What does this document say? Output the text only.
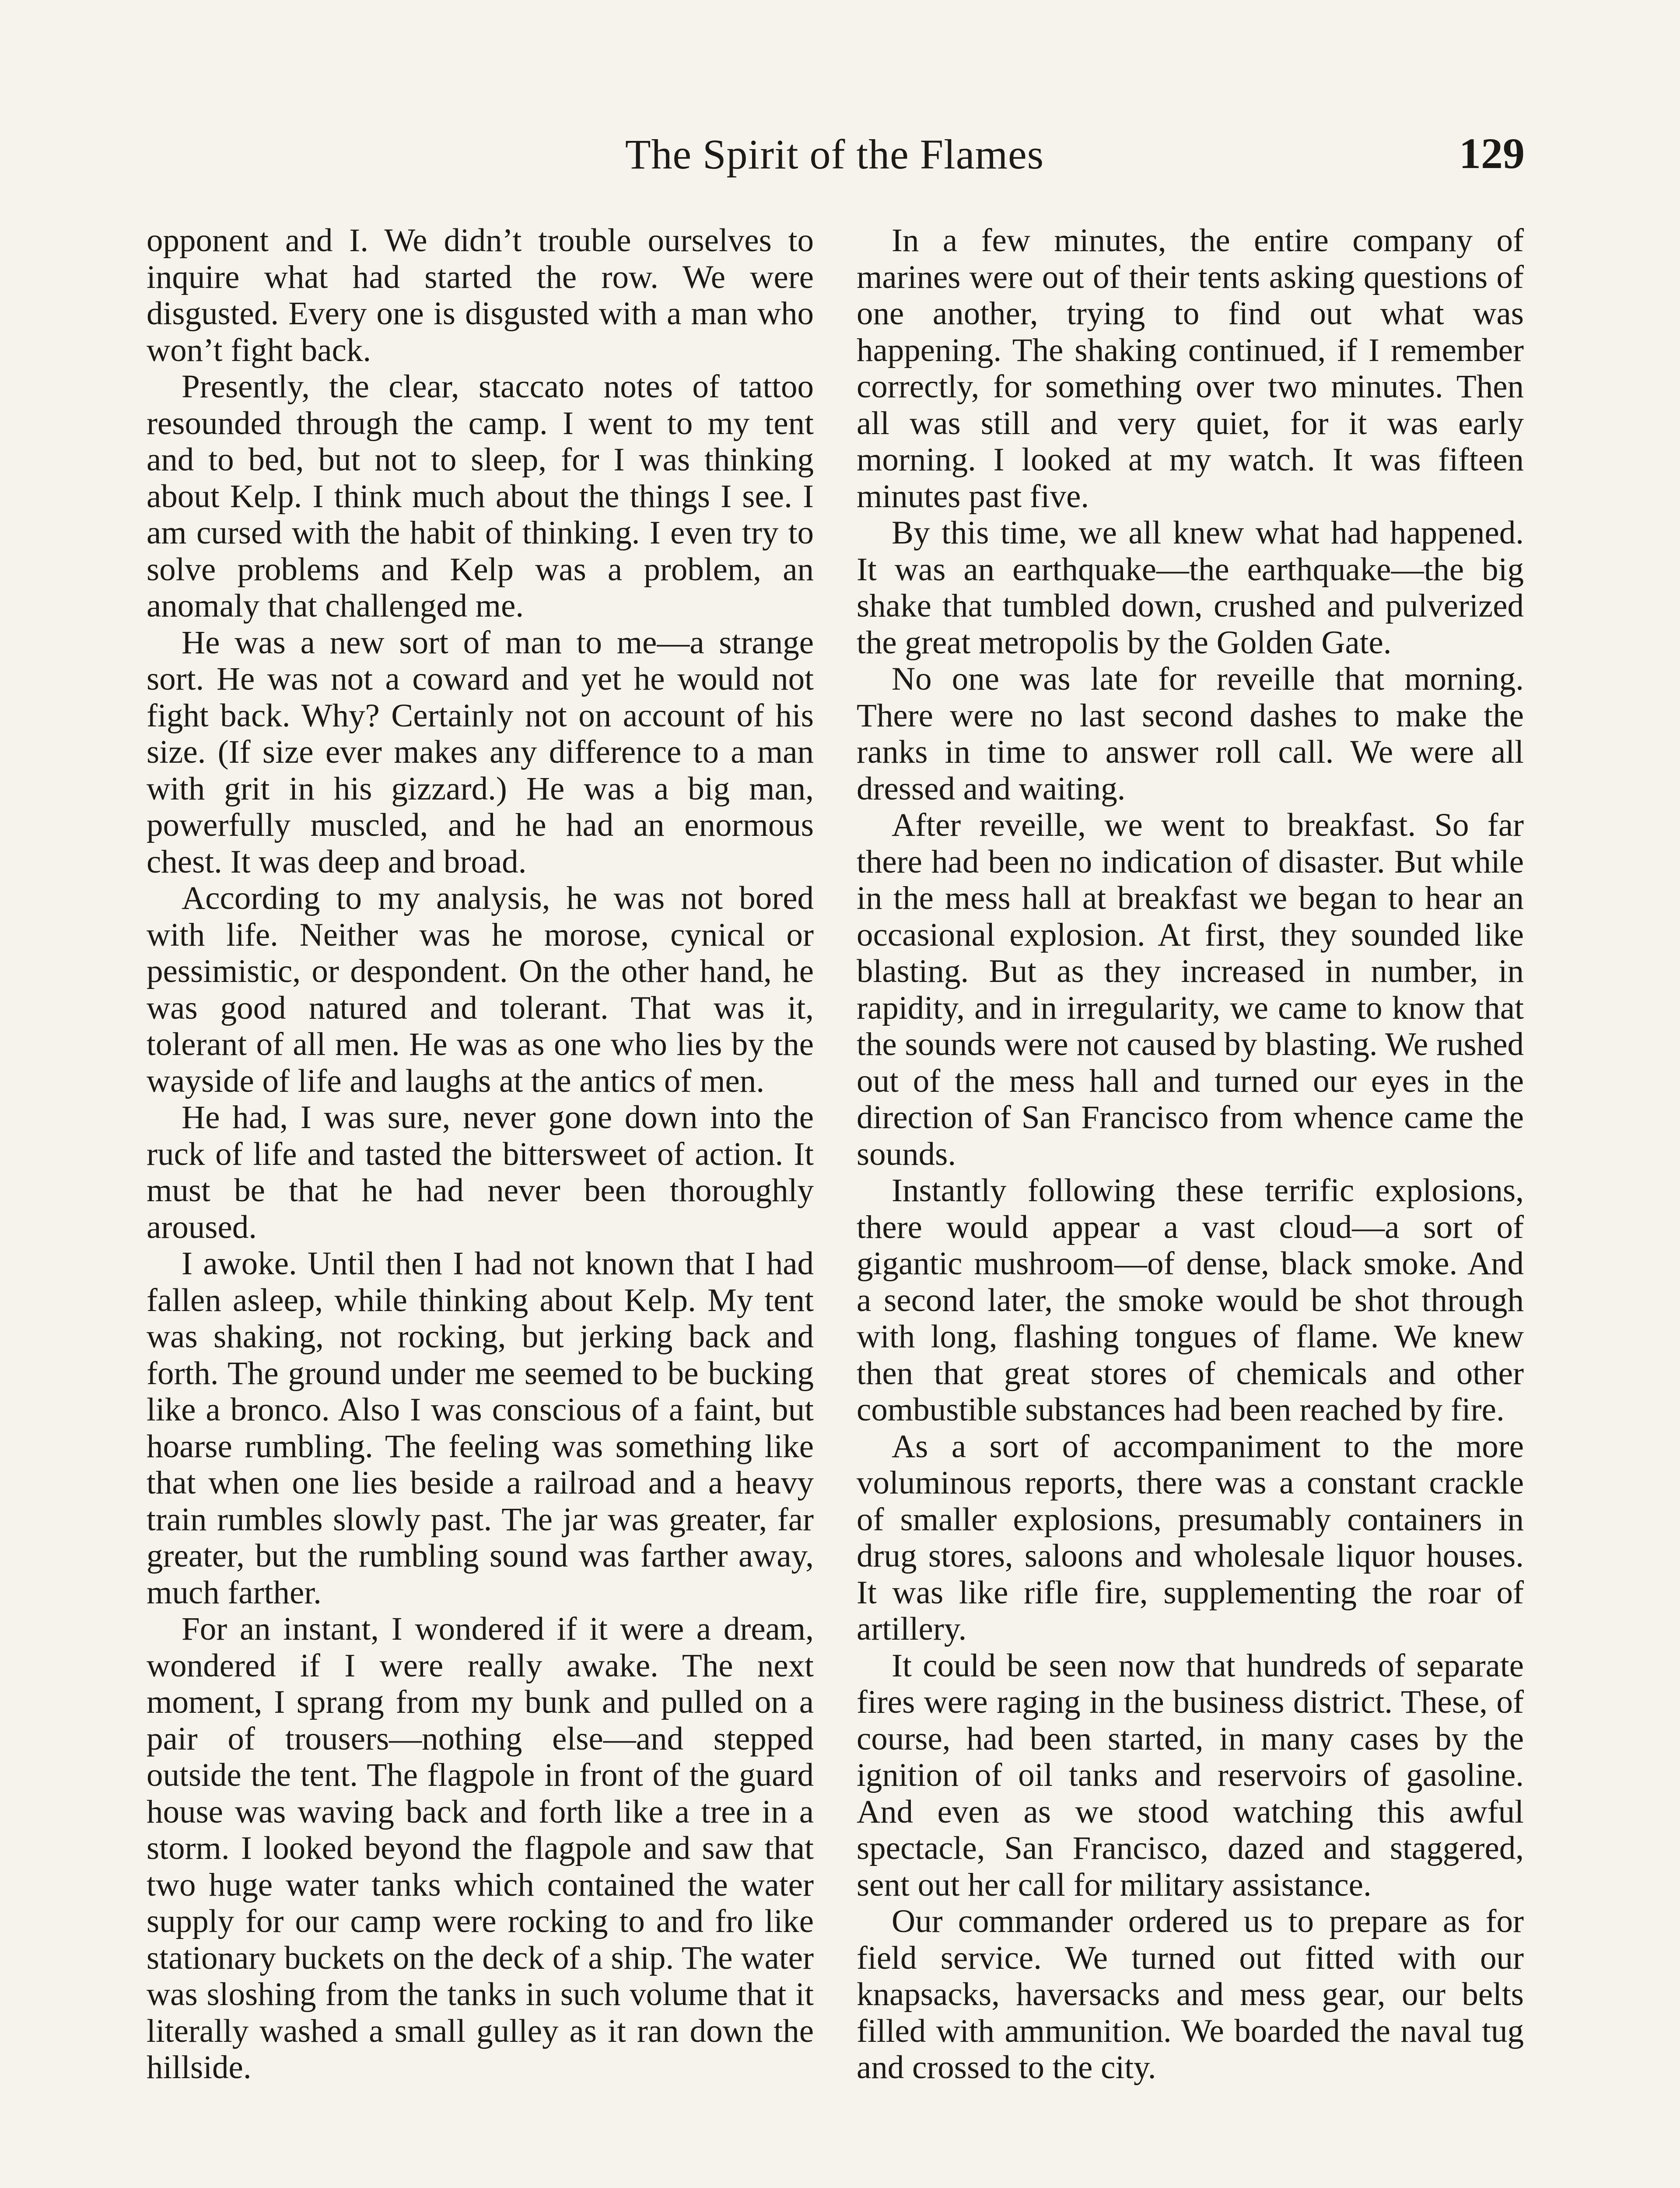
The Spirit of the Flames	129

opponent and I. We didn’t trouble ourselves to inquire what had started the row. We were disgusted. Every one is disgusted with a man who won’t fight back.

Presently, the clear, staccato notes of tattoo resounded through the camp. I went to my tent and to bed, but not to sleep, for I was thinking about Kelp. I think much about the things I see. I am cursed with the habit of thinking. I even try to solve problems and Kelp was a problem, an anomaly that challenged me.

He was a new sort of man to me—a strange sort. He was not a coward and yet he would not fight back. Why? Certainly not on account of his size. (If size ever makes any difference to a man with grit in his gizzard.) He was a big man, powerfully muscled, and he had an enormous chest. It was deep and broad.

According to my analysis, he was not bored with life. Neither was he morose, cynical or pessimistic, or despondent. On the other hand, he was good natured and tolerant. That was it, tolerant of all men. He was as one who lies by the wayside of life and laughs at the antics of men.

He had, I was sure, never gone down into the ruck of life and tasted the bittersweet of action. It must be that he had never been thoroughly aroused.

I awoke. Until then I had not known that I had fallen asleep, while thinking about Kelp. My tent was shaking, not rocking, but jerking back and forth. The ground under me seemed to be bucking like a bronco. Also I was conscious of a faint, but hoarse rumbling. The feeling was something like that when one lies beside a railroad and a heavy train rumbles slowly past. The jar was greater, far greater, but the rumbling sound was farther away, much farther.

For an instant, I wondered if it were a dream, wondered if I were really awake. The next moment, I sprang from my bunk and pulled on a pair of trousers—nothing else—and stepped outside the tent. The flagpole in front of the guard house was waving back and forth like a tree in a storm. I looked beyond the flagpole and saw that two huge water tanks which contained the water supply for our camp were rocking to and fro like stationary buckets on the deck of a ship. The water was sloshing from the tanks in such volume that it literally washed a small gulley as it ran down the hillside.

In a few minutes, the entire company of marines were out of their tents asking questions of one another, trying to find out what was happening. The shaking continued, if I remember correctly, for something over two minutes. Then all was still and very quiet, for it was early morning. I looked at my watch. It was fifteen minutes past five.

By this time, we all knew what had happened. It was an earthquake—the earthquake—the big shake that tumbled down, crushed and pulverized the great metropolis by the Golden Gate.

No one was late for reveille that morning. There were no last second dashes to make the ranks in time to answer roll call. We were all dressed and waiting.

After reveille, we went to breakfast. So far there had been no indication of disaster. But while in the mess hall at breakfast we began to hear an occasional explosion. At first, they sounded like blasting. But as they increased in number, in rapidity, and in irregularity, we came to know that the sounds were not caused by blasting. We rushed out of the mess hall and turned our eyes in the direction of San Francisco from whence came the sounds.

Instantly following these terrific explosions, there would appear a vast cloud—a sort of gigantic mushroom—of dense, black smoke. And a second later, the smoke would be shot through with long, flashing tongues of flame. We knew then that great stores of chemicals and other combustible substances had been reached by fire.

As a sort of accompaniment to the more voluminous reports, there was a constant crackle of smaller explosions, presumably containers in drug stores, saloons and wholesale liquor houses. It was like rifle fire, supplementing the roar of artillery.

It could be seen now that hundreds of separate fires were raging in the business district. These, of course, had been started, in many cases by the ignition of oil tanks and reservoirs of gasoline. And even as we stood watching this awful spectacle, San Francisco, dazed and staggered, sent out her call for military assistance.

Our commander ordered us to prepare as for field service. We turned out fitted with our knapsacks, haversacks and mess gear, our belts filled with ammunition. We boarded the naval tug and crossed to the city.
